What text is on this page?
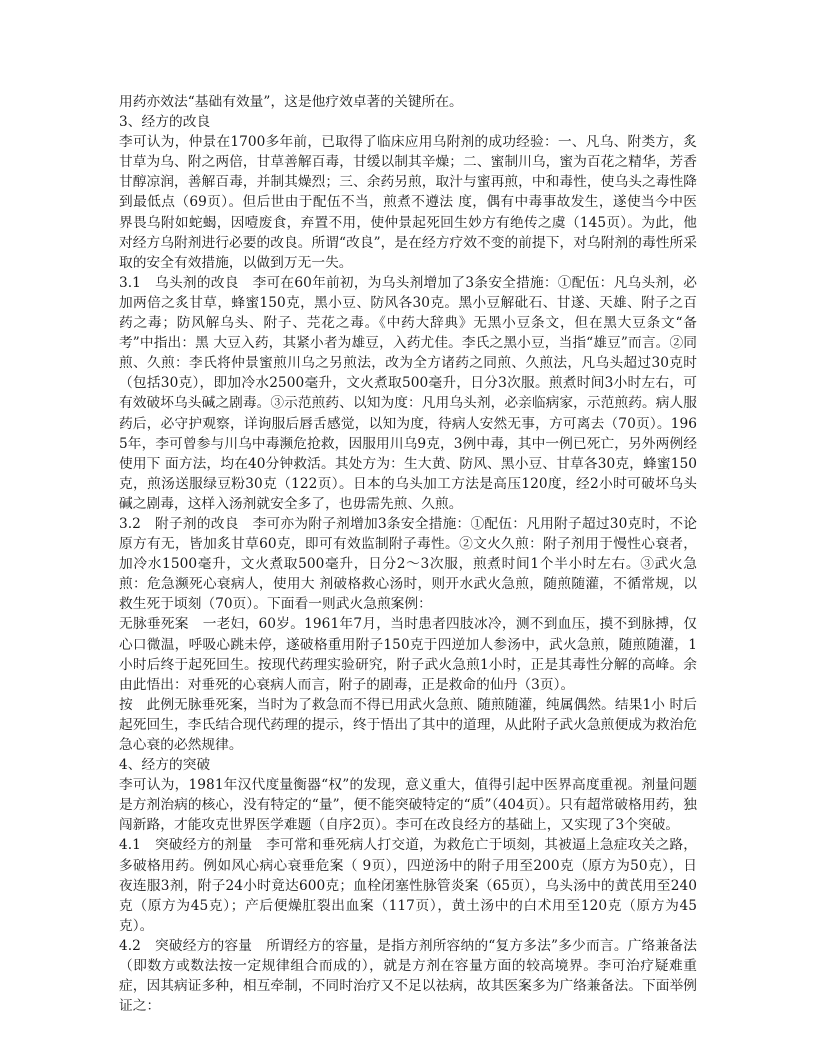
用药亦效法“基础有效量”，这是他疗效卓著的关键所在。

3、经方的改良

李可认为，仲景在1700多年前，已取得了临床应用乌附剂的成功经验：一、凡乌、附类方，炙甘草为乌、附之两倍，甘草善解百毒，甘缓以制其辛燥；二、蜜制川乌，蜜为百花之精华，芳香甘醇凉润，善解百毒，并制其燥烈；三、余药另煎，取汁与蜜再煎，中和毒性，使乌头之毒性降到最低点（69页）。但后世由于配伍不当，煎煮不遵法 度，偶有中毒事故发生，遂使当今中医界畏乌附如蛇蝎，因噎废食，弃置不用，使仲景起死回生妙方有绝传之虞（145页）。为此，他对经方乌附剂进行必要的改良。所谓“改良”，是在经方疗效不变的前提下，对乌附剂的毒性所采取的安全有效措施，以做到万无一失。

3.1　乌头剂的改良　李可在60年前初，为乌头剂增加了3条安全措施：①配伍：凡乌头剂，必加两倍之炙甘草，蜂蜜150克，黑小豆、防风各30克。黑小豆解砒石、甘遂、天雄、附子之百药之毒；防风解乌头、附子、芫花之毒。《中药大辞典》无黑小豆条文，但在黑大豆条文“备考”中指出：黑 大豆入药，其紧小者为雄豆，入药尤佳。李氏之黑小豆，当指“雄豆”而言。②同煎、久煎：李氏将仲景蜜煎川乌之另煎法，改为全方诸药之同煎、久煎法，凡乌头超过30克时（包括30克），即加冷水2500毫升，文火煮取500毫升，日分3次服。煎煮时间3小时左右，可有效破坏乌头碱之剧毒。③示范煎药、以知为度：凡用乌头剂，必亲临病家，示范煎药。病人服药后，必守护观察，详询服后唇舌感觉，以知为度，待病人安然无事，方可离去（70页）。1965年，李可曾参与川乌中毒濒危抢救，因服用川乌9克，3例中毒，其中一例已死亡，另外两例经使用下 面方法，均在40分钟救活。其处方为：生大黄、防风、黑小豆、甘草各30克，蜂蜜150克，煎汤送服绿豆粉30克（122页）。日本的乌头加工方法是高压120度，经2小时可破坏乌头碱之剧毒，这样入汤剂就安全多了，也毋需先煎、久煎。

3.2　附子剂的改良　李可亦为附子剂增加3条安全措施：①配伍：凡用附子超过30克时，不论原方有无，皆加炙甘草60克，即可有效监制附子毒性。②文火久煎：附子剂用于慢性心衰者，加冷水1500毫升，文火煮取500毫升，日分2～3次服，煎煮时间1个半小时左右。③武火急煎：危急濒死心衰病人，使用大 剂破格救心汤时，则开水武火急煎，随煎随灌，不循常规，以救生死于顷刻（70页）。下面看一则武火急煎案例：

无脉垂死案　一老妇，60岁。1961年7月，当时患者四肢冰冷，测不到血压，摸不到脉搏，仅心口微温，呼吸心跳未停，遂破格重用附子150克于四逆加人参汤中，武火急煎，随煎随灌，1小时后终于起死回生。按现代药理实验研究，附子武火急煎1小时，正是其毒性分解的高峰。余由此悟出：对垂死的心衰病人而言，附子的剧毒，正是救命的仙丹（3页）。

按　此例无脉垂死案，当时为了救急而不得已用武火急煎、随煎随灌，纯属偶然。结果1小 时后起死回生，李氏结合现代药理的提示，终于悟出了其中的道理，从此附子武火急煎便成为救治危急心衰的必然规律。

4、经方的突破

李可认为，1981年汉代度量衡器“权”的发现，意义重大，值得引起中医界高度重视。剂量问题是方剂治病的核心，没有特定的“量”，便不能突破特定的“质”（404页）。只有超常破格用药，独闯新路，才能攻克世界医学难题（自序2页）。李可在改良经方的基础上，又实现了3个突破。

4.1　突破经方的剂量　李可常和垂死病人打交道，为救危亡于顷刻，其被逼上急症攻关之路，多破格用药。例如风心病心衰垂危案（ 9页），四逆汤中的附子用至200克（原方为50克），日夜连服3剂，附子24小时竟达600克；血栓闭塞性脉管炎案（65页），乌头汤中的黄芪用至240克（原方为45克）；产后便燥肛裂出血案（117页），黄土汤中的白术用至120克（原方为45克）。

4.2　突破经方的容量　所谓经方的容量，是指方剂所容纳的“复方多法”多少而言。广络兼备法（即数方或数法按一定规律组合而成的），就是方剂在容量方面的较高境界。李可治疗疑难重症，因其病证多种，相互牵制，不同时治疗又不足以祛病，故其医案多为广络兼备法。下面举例证之：
